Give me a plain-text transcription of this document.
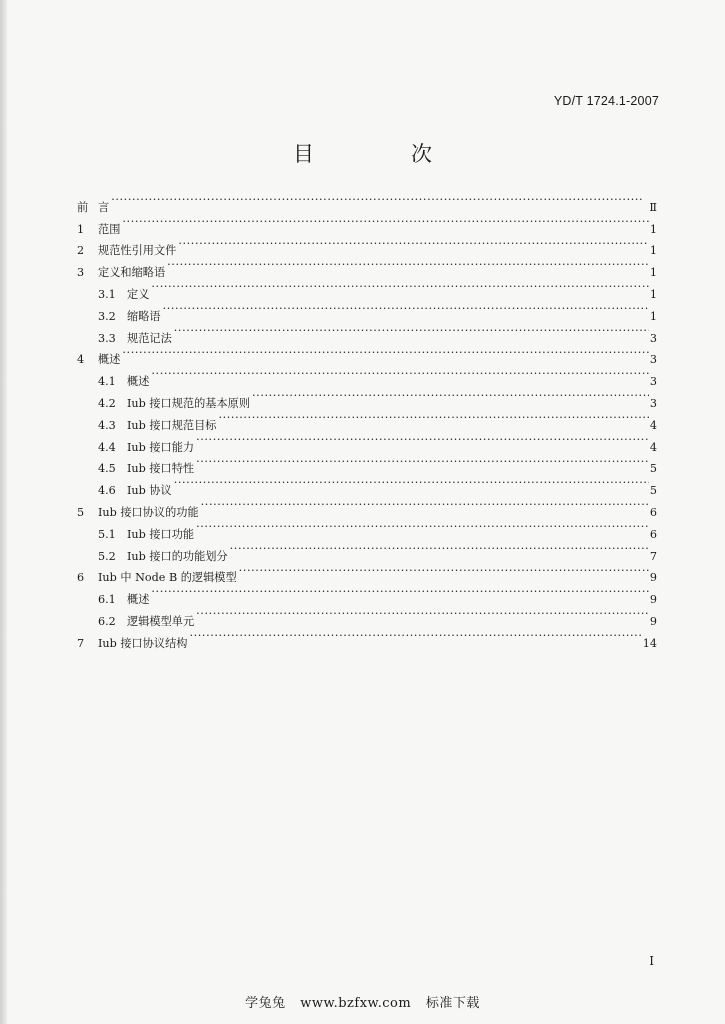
YD/T 1724.1-2007
目　次
前 言 ·····	Ⅱ
1	范围 ·····	1
2	规范性引用文件 ·····	1
3	定义和缩略语 ·····	1
3.1	定义 ·····	1
3.2	缩略语 ·····	1
3.3	规范记法 ·····	3
4	概述 ·····	3
4.1	概述 ·····	3
4.2	Iub 接口规范的基本原则 ·····	3
4.3	Iub 接口规范目标 ·····	4
4.4	Iub 接口能力 ·····	4
4.5	Iub 接口特性 ·····	5
4.6	Iub 协议 ·····	5
5	Iub 接口协议的功能 ·····	6
5.1	Iub 接口功能 ·····	6
5.2	Iub 接口的功能划分 ·····	7
6	Iub 中 Node B 的逻辑模型 ·····	9
6.1	概述 ·····	9
6.2	逻辑模型单元 ·····	9
7	Iub 接口协议结构 ·····	14
I
学兔兔 www.bzfxw.com 标准下载
